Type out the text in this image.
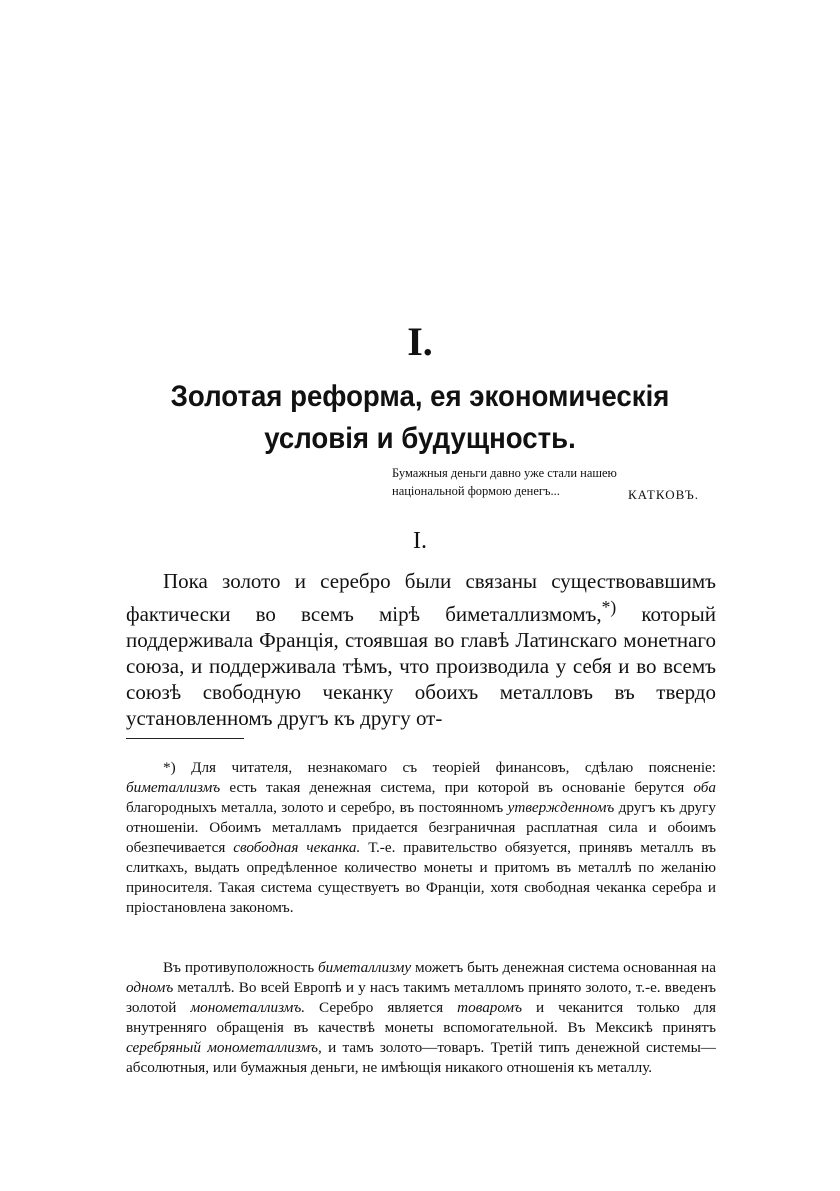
I.
Золотая реформа, ея экономическія условія и будущность.
Бумажныя деньги давно уже стали нашею
національной формою денегъ...	КАТКОВЪ.
I.

Пока золото и серебро были связаны существовавшимъ фактически во всемъ мірѣ биметаллизмомъ,*) который поддерживала Францiя, стоявшая во главѣ Латинскаго монетнаго союза, и поддерживала тѣмъ, что производила у себя и во всемъ союзѣ свободную чеканку обоихъ металловъ въ твердо установленномъ другъ къ другу от-

*) Для читателя, незнакомаго съ теоріей финансовъ, сдѣлаю поясненіе: биметаллизмъ есть такая денежная система, при которой въ основаніе берутся оба благородныхъ металла, золото и серебро, въ постоянномъ утвержденномъ другъ къ другу отношеніи. Обоимъ металламъ придается безграничная расплатная сила и обоимъ обезпечивается свободная чеканка. Т.-е. правительство обязуется, принявъ металлъ въ слиткахъ, выдать опредѣленное количество монеты и притомъ въ металлѣ по желанію приносителя. Такая система существуетъ во Франціи, хотя свободная чеканка серебра и пріостановлена закономъ.

Въ противуположность биметаллизму можетъ быть денежная система основанная на одномъ металлѣ. Во всей Европѣ и у насъ такимъ металломъ принято золото, т.-е. введенъ золотой монометаллизмъ. Серебро является товаромъ и чеканится только для внутренняго обращенія въ качествѣ монеты вспомогательной. Въ Мексикѣ принятъ серебряный монометаллизмъ, и тамъ золото—товаръ. Третій типъ денежной системы—абсолютныя, или бумажныя деньги, не имѣющія никакого отношенія къ металлу.
